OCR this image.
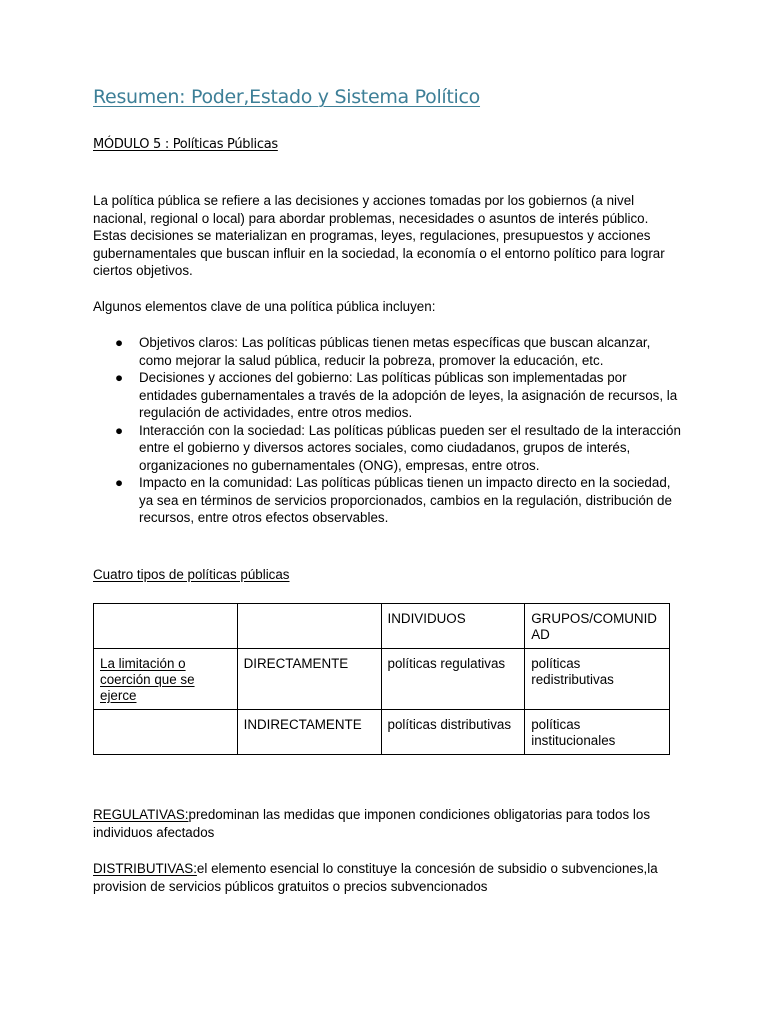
Resumen: Poder,Estado y Sistema Político
MÓDULO 5 : Políticas Públicas

La política pública se refiere a las decisiones y acciones tomadas por los gobiernos (a nivel nacional, regional o local) para abordar problemas, necesidades o asuntos de interés público. Estas decisiones se materializan en programas, leyes, regulaciones, presupuestos y acciones gubernamentales que buscan influir en la sociedad, la economía o el entorno político para lograr ciertos objetivos.

Algunos elementos clave de una política pública incluyen:

● Objetivos claros: Las políticas públicas tienen metas específicas que buscan alcanzar, como mejorar la salud pública, reducir la pobreza, promover la educación, etc.
● Decisiones y acciones del gobierno: Las políticas públicas son implementadas por entidades gubernamentales a través de la adopción de leyes, la asignación de recursos, la regulación de actividades, entre otros medios.
● Interacción con la sociedad: Las políticas públicas pueden ser el resultado de la interacción entre el gobierno y diversos actores sociales, como ciudadanos, grupos de interés, organizaciones no gubernamentales (ONG), empresas, entre otros.
● Impacto en la comunidad: Las políticas públicas tienen un impacto directo en la sociedad, ya sea en términos de servicios proporcionados, cambios en la regulación, distribución de recursos, entre otros efectos observables.
Cuatro tipos de políticas públicas
		INDIVIDUOS	GRUPOS/COMUNIDAD
La limitación o coerción que se ejerce	DIRECTAMENTE	políticas regulativas	políticas redistributivas
	INDIRECTAMENTE	políticas distributivas	políticas institucionales

REGULATIVAS:predominan las medidas que imponen condiciones obligatorias para todos los individuos afectados

DISTRIBUTIVAS:el elemento esencial lo constituye la concesión de subsidio o subvenciones,la provision de servicios públicos gratuitos o precios subvencionados
